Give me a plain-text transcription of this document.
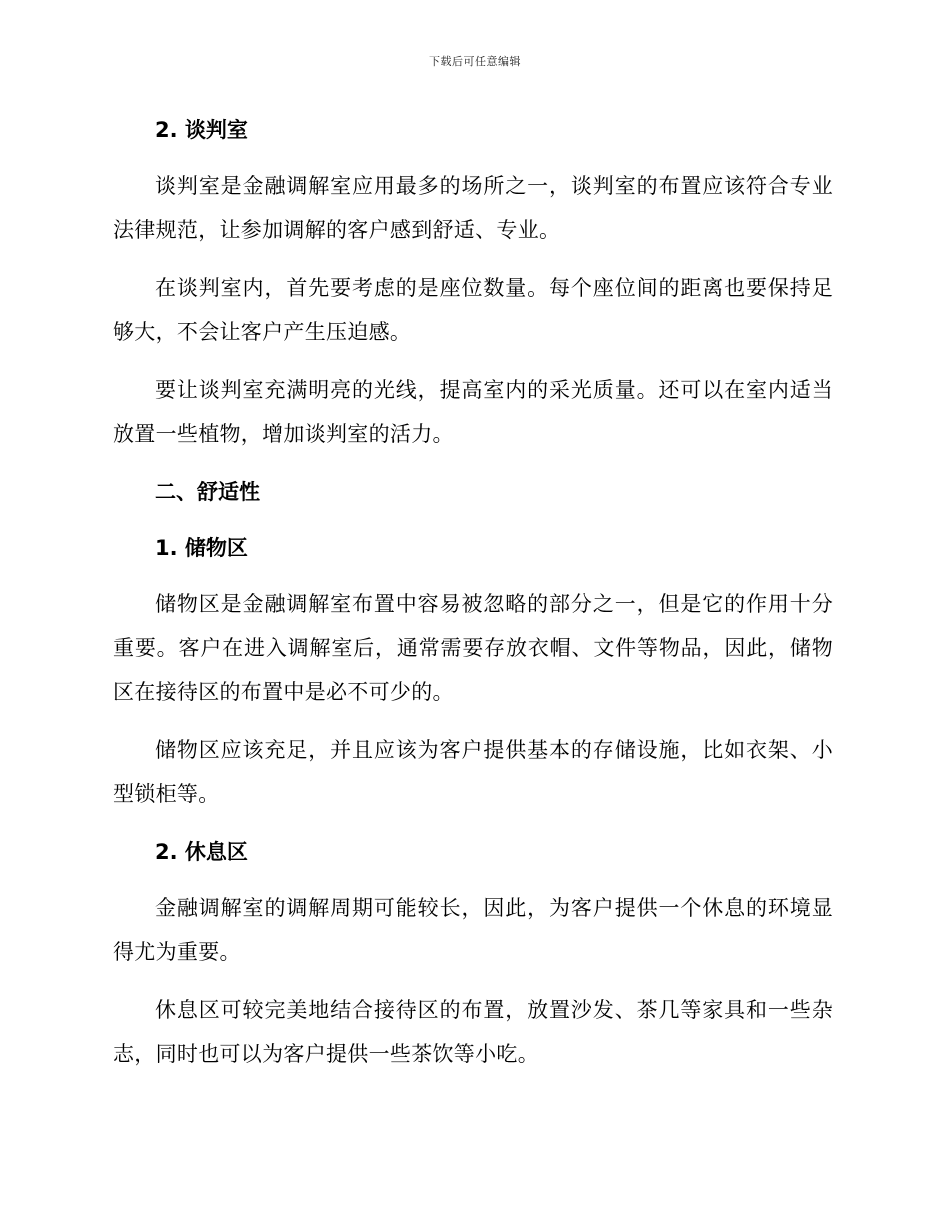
下载后可任意编辑
2. 谈判室
谈判室是金融调解室应用最多的场所之一，谈判室的布置应该符合专业法律规范，让参加调解的客户感到舒适、专业。
在谈判室内，首先要考虑的是座位数量。每个座位间的距离也要保持足够大，不会让客户产生压迫感。
要让谈判室充满明亮的光线，提高室内的采光质量。还可以在室内适当放置一些植物，增加谈判室的活力。
二、舒适性
1. 储物区
储物区是金融调解室布置中容易被忽略的部分之一，但是它的作用十分重要。客户在进入调解室后，通常需要存放衣帽、文件等物品，因此，储物区在接待区的布置中是必不可少的。
储物区应该充足，并且应该为客户提供基本的存储设施，比如衣架、小型锁柜等。
2. 休息区
金融调解室的调解周期可能较长，因此，为客户提供一个休息的环境显得尤为重要。
休息区可较完美地结合接待区的布置，放置沙发、茶几等家具和一些杂志，同时也可以为客户提供一些茶饮等小吃。
